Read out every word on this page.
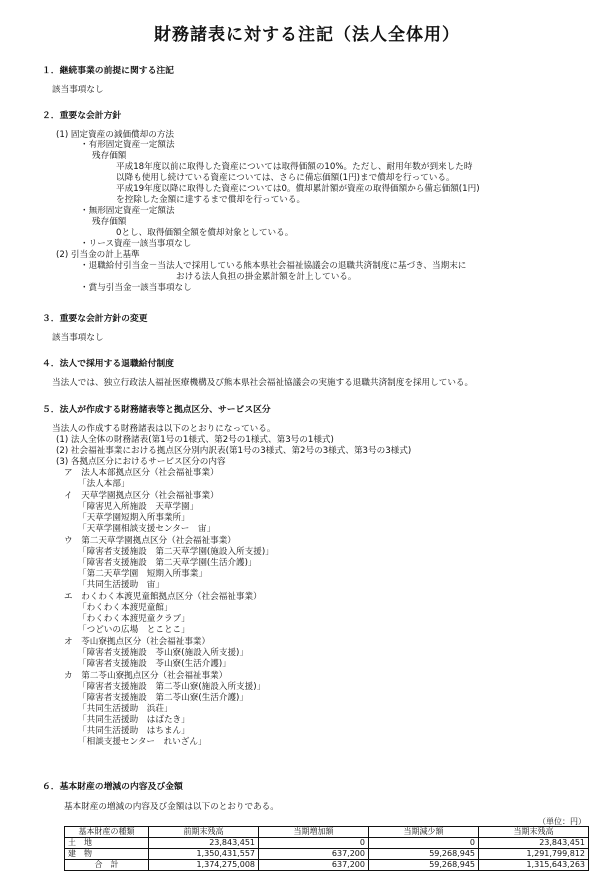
財務諸表に対する注記（法人全体用）
１．継続事業の前提に関する注記
該当事項なし
２．重要な会計方針
(1) 固定資産の減価償却の方法
・有形固定資産一定額法
残存価額
平成18年度以前に取得した資産については取得価額の10%。ただし、耐用年数が到来した時
以降も使用し続けている資産については、さらに備忘価額(1円)まで償却を行っている。
平成19年度以降に取得した資産については0。償却累計額が資産の取得価額から備忘価額(1円)
を控除した金額に達するまで償却を行っている。
・無形固定資産一定額法
残存価額
0とし、取得価額全額を償却対象としている。
・リース資産一該当事項なし
(2) 引当金の計上基準
・退職給付引当金－当法人で採用している熊本県社会福祉協議会の退職共済制度に基づき、当期末に
おける法人負担の掛金累計額を計上している。
・賞与引当金一該当事項なし
３．重要な会計方針の変更
該当事項なし
４．法人で採用する退職給付制度
当法人では、独立行政法人福祉医療機構及び熊本県社会福祉協議会の実施する退職共済制度を採用している。
５．法人が作成する財務諸表等と拠点区分、サービス区分
当法人の作成する財務諸表は以下のとおりになっている。
(1) 法人全体の財務諸表(第1号の1様式、第2号の1様式、第3号の1様式)
(2) 社会福祉事業における拠点区分別内訳表(第1号の3様式、第2号の3様式、第3号の3様式)
(3) 各拠点区分におけるサービス区分の内容
ア　法人本部拠点区分（社会福祉事業）
「法人本部」
イ　天草学園拠点区分（社会福祉事業）
「障害児入所施設　天草学園」
「天草学園短期入所事業所」
「天草学園相談支援センター　宙」
ウ　第二天草学園拠点区分（社会福祉事業）
「障害者支援施設　第二天草学園(施設入所支援)」
「障害者支援施設　第二天草学園(生活介護)」
「第二天草学園　短期入所事業」
「共同生活援助　宙」
エ　わくわく本渡児童館拠点区分（社会福祉事業）
「わくわく本渡児童館」
「わくわく本渡児童クラブ」
「つどいの広場　とことこ」
オ　苓山寮拠点区分（社会福祉事業）
「障害者支援施設　苓山寮(施設入所支援)」
「障害者支援施設　苓山寮(生活介護)」
カ　第二苓山寮拠点区分（社会福祉事業）
「障害者支援施設　第二苓山寮(施設入所支援)」
「障害者支援施設　第二苓山寮(生活介護)」
「共同生活援助　浜荘」
「共同生活援助　はばたき」
「共同生活援助　はちまん」
「相談支援センター　れいざん」
６．基本財産の増減の内容及び金額
基本財産の増減の内容及び金額は以下のとおりである。
（単位：円）
基本財産の種類	前期末残高	当期増加額	当期減少額	当期末残高
土　地	23,843,451	0	0	23,843,451
建　物	1,350,431,557	637,200	59,268,945	1,291,799,812
合　計	1,374,275,008	637,200	59,268,945	1,315,643,263
